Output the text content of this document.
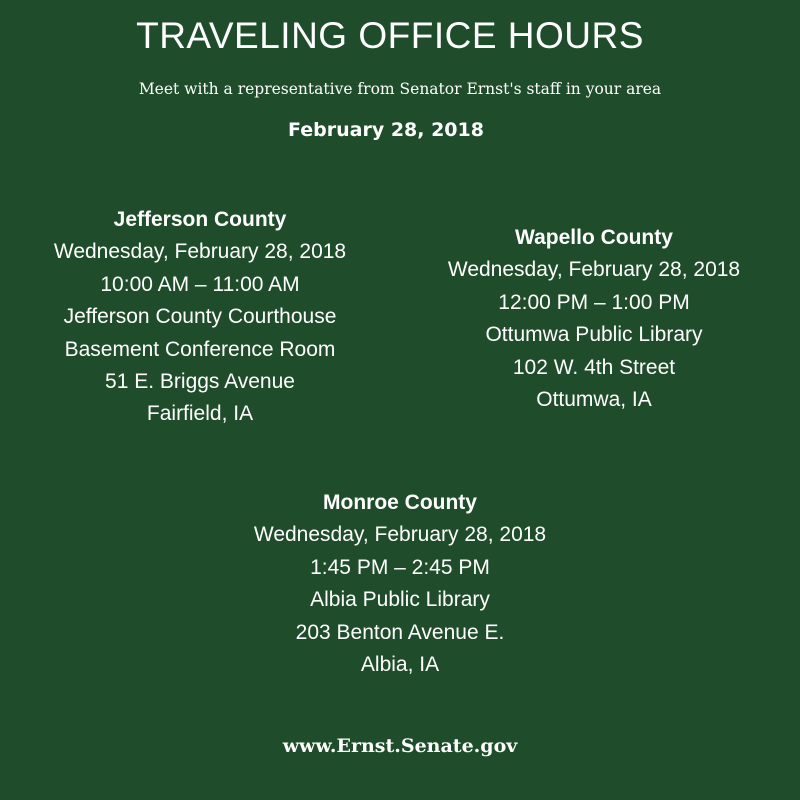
TRAVELING OFFICE HOURS
Meet with a representative from Senator Ernst's staff in your area
February 28, 2018
Jefferson County
Wednesday, February 28, 2018
10:00 AM – 11:00 AM
Jefferson County Courthouse
Basement Conference Room
51 E. Briggs Avenue
Fairfield, IA
Wapello County
Wednesday, February 28, 2018
12:00 PM – 1:00 PM
Ottumwa Public Library
102 W. 4th Street
Ottumwa, IA
Monroe County
Wednesday, February 28, 2018
1:45 PM – 2:45 PM
Albia Public Library
203 Benton Avenue E.
Albia, IA
www.Ernst.Senate.gov
